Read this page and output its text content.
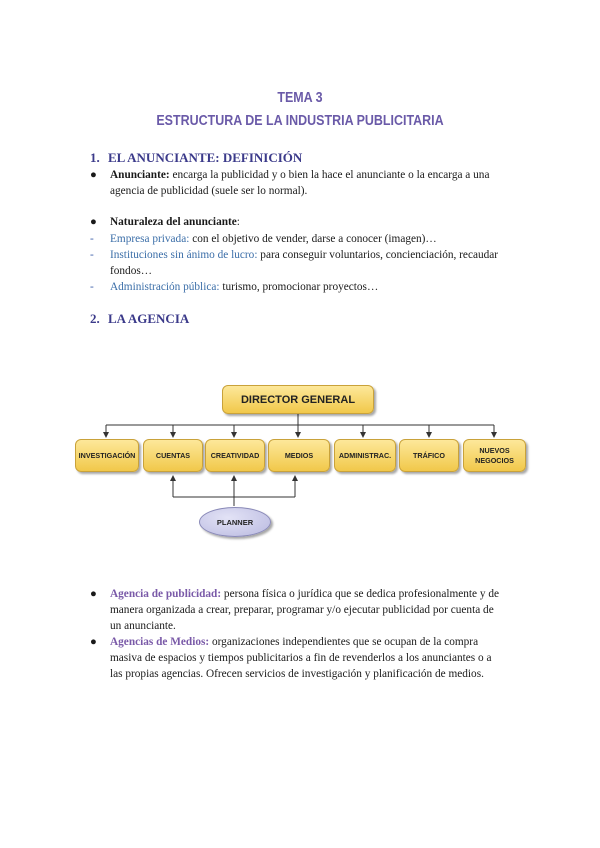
TEMA 3
ESTRUCTURA DE LA INDUSTRIA PUBLICITARIA
1. EL ANUNCIANTE: DEFINICIÓN
● Anunciante: encarga la publicidad y o bien la hace el anunciante o la encarga a una
agencia de publicidad (suele ser lo normal).
● Naturaleza del anunciante:
- Empresa privada: con el objetivo de vender, darse a conocer (imagen)…
- Instituciones sin ánimo de lucro: para conseguir voluntarios, concienciación, recaudar
fondos…
- Administración pública: turismo, promocionar proyectos…
2. LA AGENCIA
DIRECTOR GENERAL
INVESTIGACIÓN	CUENTAS	CREATIVIDAD	MEDIOS	ADMINISTRAC.	TRÁFICO
NUEVOS
NEGOCIOS
PLANNER
● Agencia de publicidad: persona física o jurídica que se dedica profesionalmente y de
manera organizada a crear, preparar, programar y/o ejecutar publicidad por cuenta de
un anunciante.
● Agencias de Medios: organizaciones independientes que se ocupan de la compra
masiva de espacios y tiempos publicitarios a fin de revenderlos a los anunciantes o a
las propias agencias. Ofrecen servicios de investigación y planificación de medios.
